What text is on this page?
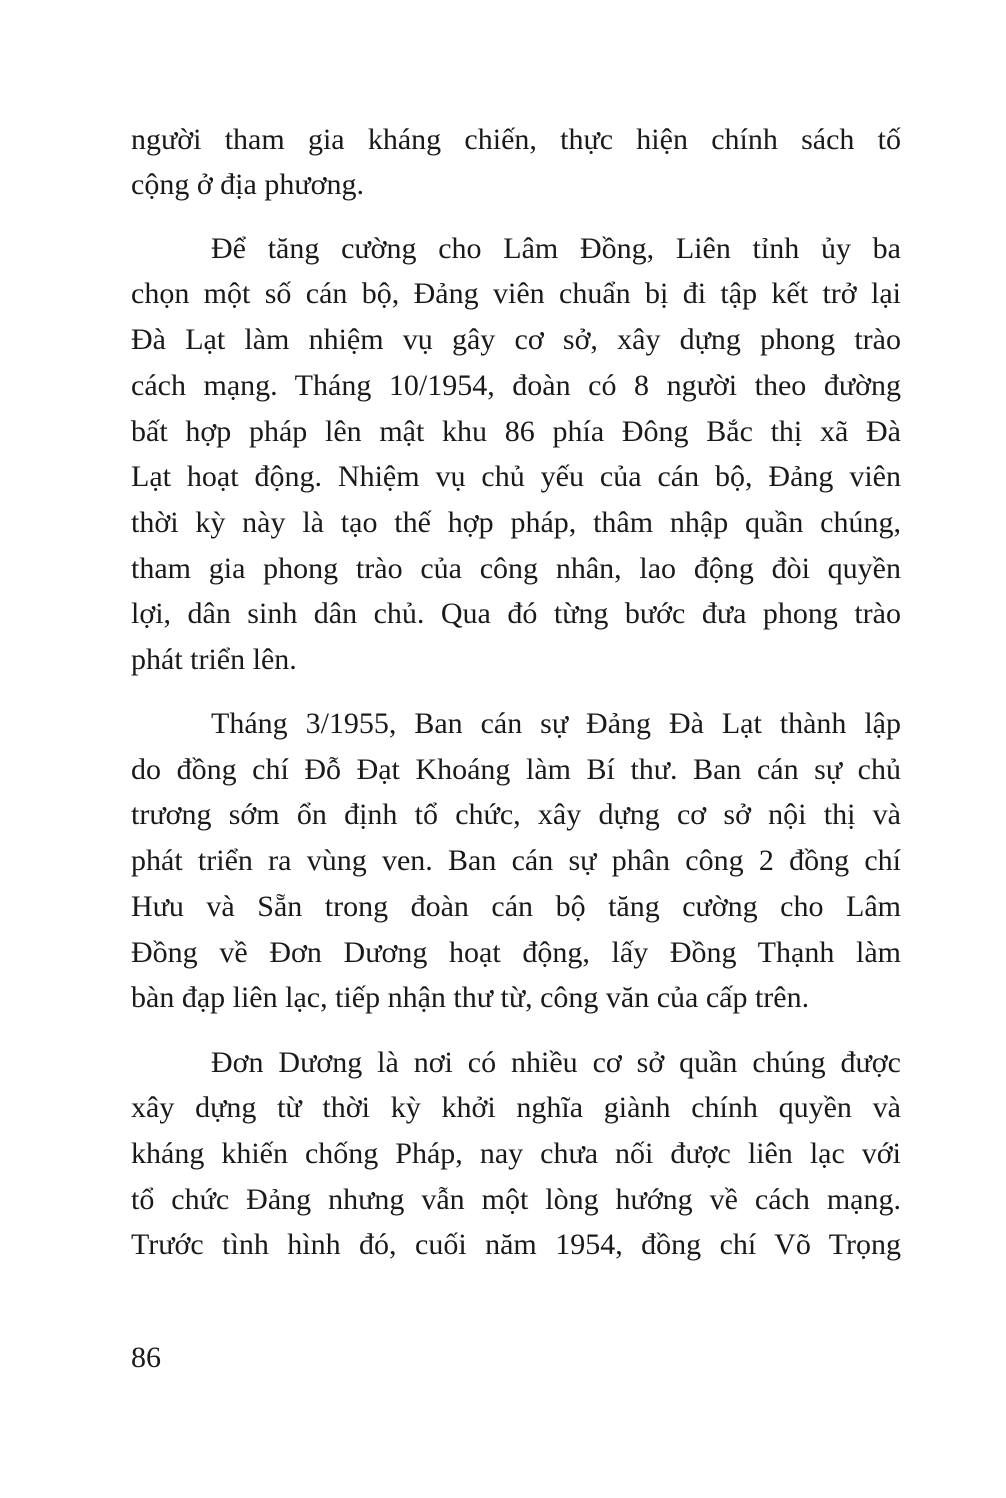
người tham gia kháng chiến, thực hiện chính sách tố
cộng ở địa phương.
Để tăng cường cho Lâm Đồng, Liên tỉnh ủy ba
chọn một số cán bộ, Đảng viên chuẩn bị đi tập kết trở lại
Đà Lạt làm nhiệm vụ gây cơ sở, xây dựng phong trào
cách mạng. Tháng 10/1954, đoàn có 8 người theo đường
bất hợp pháp lên mật khu 86 phía Đông Bắc thị xã Đà
Lạt hoạt động. Nhiệm vụ chủ yếu của cán bộ, Đảng viên
thời kỳ này là tạo thế hợp pháp, thâm nhập quần chúng,
tham gia phong trào của công nhân, lao động đòi quyền
lợi, dân sinh dân chủ. Qua đó từng bước đưa phong trào
phát triển lên.
Tháng 3/1955, Ban cán sự Đảng Đà Lạt thành lập
do đồng chí Đỗ Đạt Khoáng làm Bí thư. Ban cán sự chủ
trương sớm ổn định tổ chức, xây dựng cơ sở nội thị và
phát triển ra vùng ven. Ban cán sự phân công 2 đồng chí
Hưu và Sẵn trong đoàn cán bộ tăng cường cho Lâm
Đồng về Đơn Dương hoạt động, lấy Đồng Thạnh làm
bàn đạp liên lạc, tiếp nhận thư từ, công văn của cấp trên.
Đơn Dương là nơi có nhiều cơ sở quần chúng được
xây dựng từ thời kỳ khởi nghĩa giành chính quyền và
kháng khiến chống Pháp, nay chưa nối được liên lạc với
tổ chức Đảng nhưng vẫn một lòng hướng về cách mạng.
Trước tình hình đó, cuối năm 1954, đồng chí Võ Trọng
86
